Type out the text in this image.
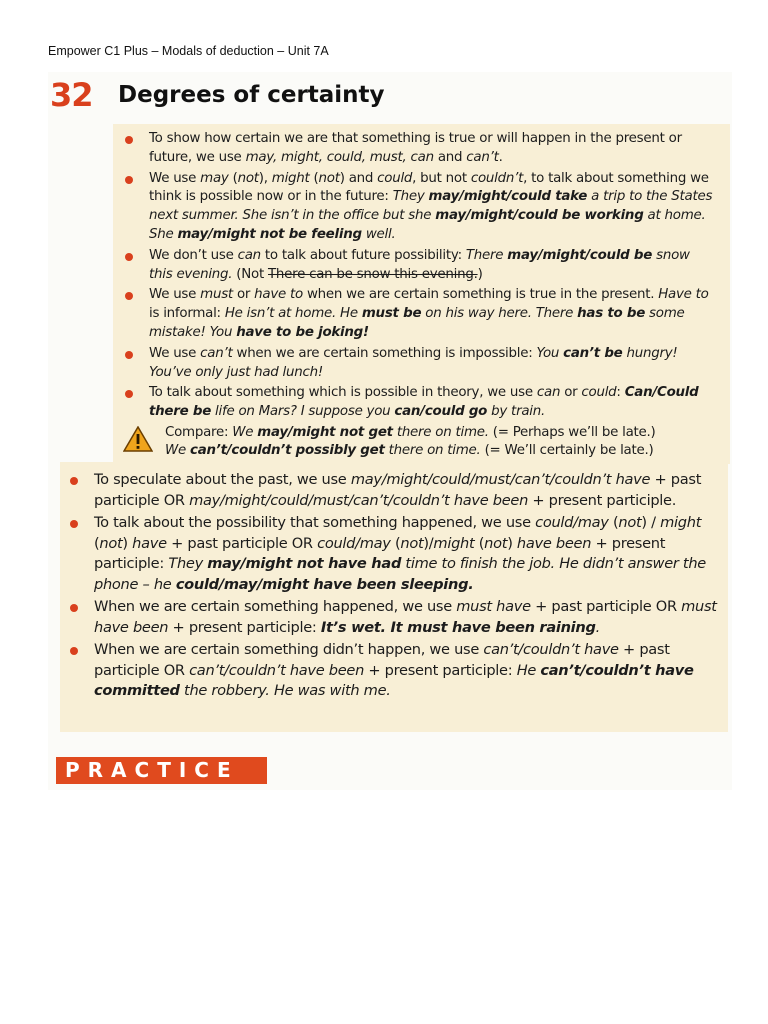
Empower C1 Plus – Modals of deduction – Unit 7A
32 Degrees of certainty
To show how certain we are that something is true or will happen in the present or future, we use may, might, could, must, can and can’t.
We use may (not), might (not) and could, but not couldn’t, to talk about something we think is possible now or in the future: They may/might/could take a trip to the States next summer. She isn’t in the office but she may/might/could be working at home. She may/might not be feeling well.
We don’t use can to talk about future possibility: There may/might/could be snow this evening. (Not There can be snow this evening.)
We use must or have to when we are certain something is true in the present. Have to is informal: He isn’t at home. He must be on his way here. There has to be some mistake! You have to be joking!
We use can’t when we are certain something is impossible: You can’t be hungry! You’ve only just had lunch!
To talk about something which is possible in theory, we use can or could: Can/Could there be life on Mars? I suppose you can/could go by train.
Compare: We may/might not get there on time. (= Perhaps we’ll be late.)
We can’t/couldn’t possibly get there on time. (= We’ll certainly be late.)
To speculate about the past, we use may/might/could/must/can’t/couldn’t have + past participle OR may/might/could/must/can’t/couldn’t have been + present participle.
To talk about the possibility that something happened, we use could/may (not) / might (not) have + past participle OR could/may (not)/might (not) have been + present participle: They may/might not have had time to finish the job. He didn’t answer the phone – he could/may/might have been sleeping.
When we are certain something happened, we use must have + past participle OR must have been + present participle: It’s wet. It must have been raining.
When we are certain something didn’t happen, we use can’t/couldn’t have + past participle OR can’t/couldn’t have been + present participle: He can’t/couldn’t have committed the robbery. He was with me.
PRACTICE
